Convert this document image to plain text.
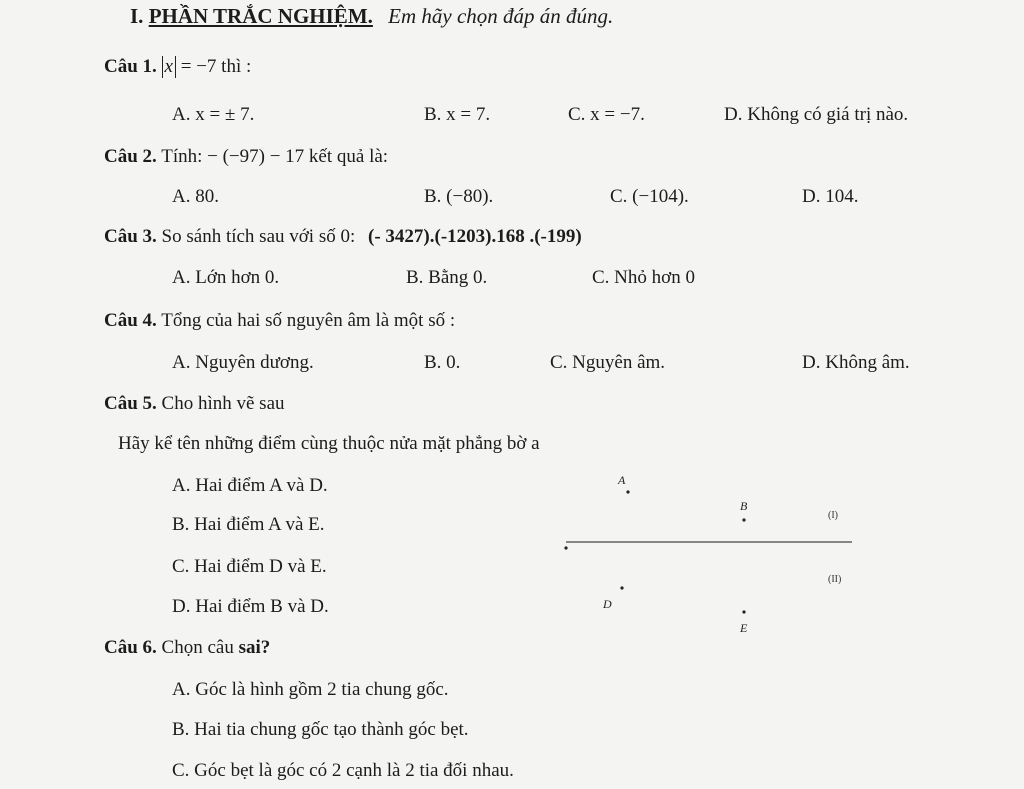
I. PHẦN TRẮC NGHIỆM. Em hãy chọn đáp án đúng.
Câu 1. x = −7 thì :
A. x = ± 7.	B. x = 7.	C. x = −7.	D. Không có giá trị nào.
Câu 2. Tính: − (−97) − 17 kết quả là:
A. 80.	B. (−80).	C. (−104).	D. 104.
Câu 3. So sánh tích sau với số 0: (- 3427).(-1203).168 .(-199)
A. Lớn hơn 0.	B. Bằng 0.	C. Nhỏ hơn 0
Câu 4. Tổng của hai số nguyên âm là một số :
A. Nguyên dương.	B. 0.	C. Nguyên âm.	D. Không âm.
Câu 5. Cho hình vẽ sau
Hãy kể tên những điểm cùng thuộc nửa mặt phẳng bờ a
A. Hai điểm A và D.
B. Hai điểm A và E.
C. Hai điểm D và E.
D. Hai điểm B và D.
A
B
D
E
(I)
(II)
Câu 6. Chọn câu sai?
A. Góc là hình gồm 2 tia chung gốc.
B. Hai tia chung gốc tạo thành góc bẹt.
C. Góc bẹt là góc có 2 cạnh là 2 tia đối nhau.
